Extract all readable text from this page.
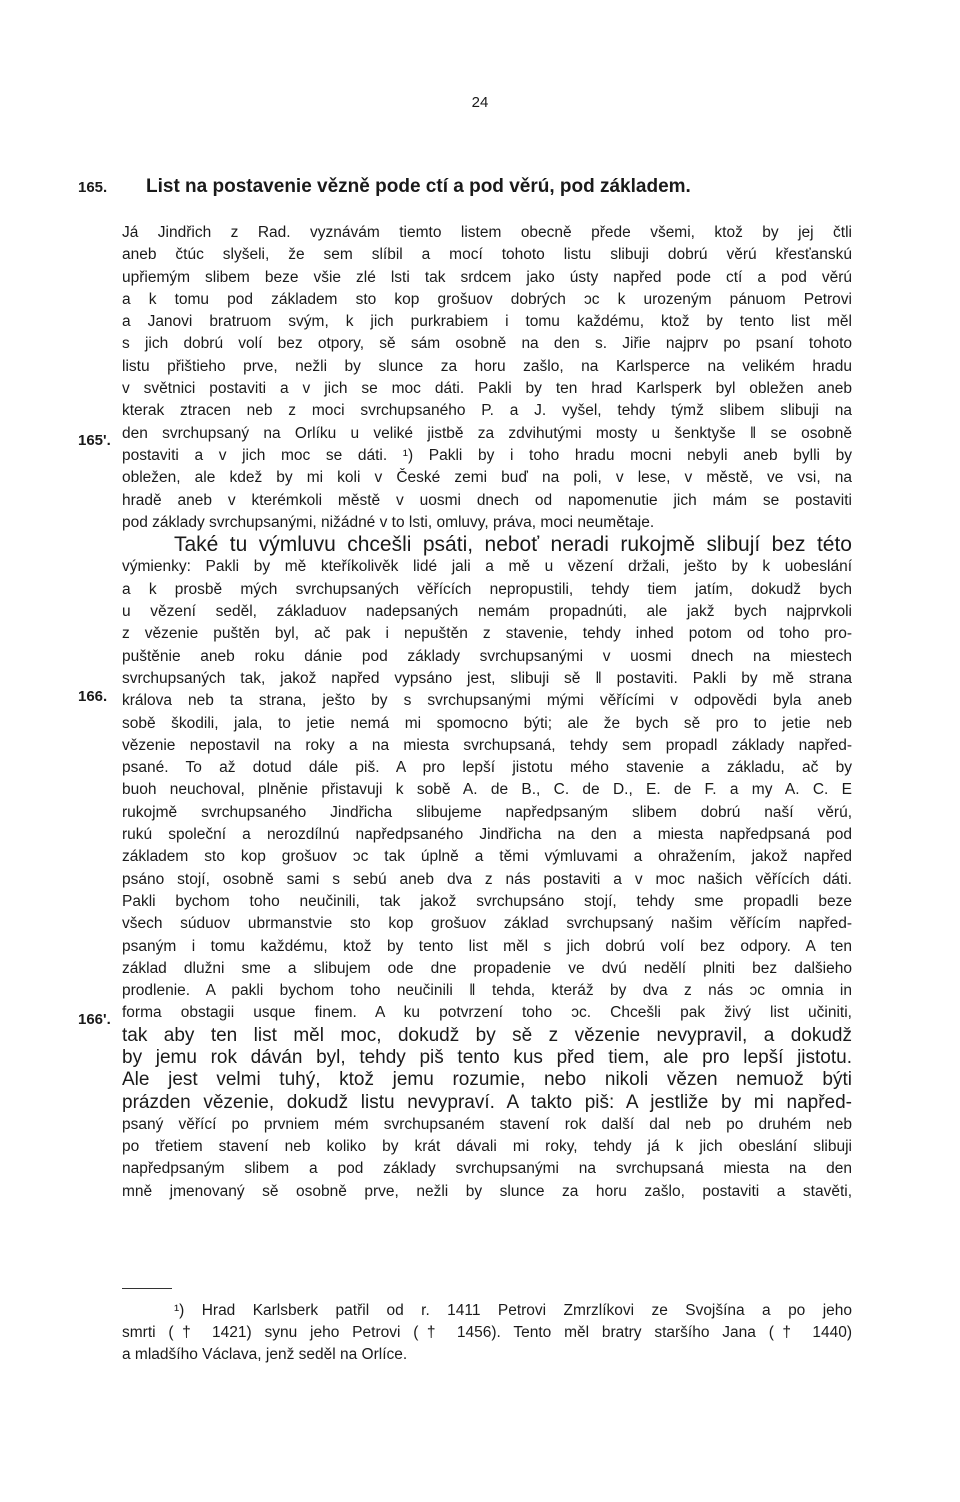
24
165. List na postavenie vězně pode ctí a pod věrú, pod základem.
165'.
166.
166'.
Já Jindřich z Rad. vyznávám tiemto listem obecně přede všemi, ktož by jej čtli
aneb čtúc slyšeli, že sem slíbil a mocí tohoto listu slibuji dobrú věrú křesťanskú
upřiemým slibem beze všie zlé lsti tak srdcem jako ústy napřed pode ctí a pod věrú
a k tomu pod základem sto kop grošuov dobrých ɔc k urozeným pánuom Petrovi
a Janovi bratruom svým, k jich purkrabiem i tomu každému, ktož by tento list měl
s jich dobrú volí bez otpory, sě sám osobně na den s. Jiřie najprv po psaní tohoto
listu přištieho prve, nežli by slunce za horu zašlo, na Karlsperce na velikém hradu
v světnici postaviti a v jich se moc dáti. Pakli by ten hrad Karlsperk byl obležen aneb
kterak ztracen neb z moci svrchupsaného P. a J. vyšel, tehdy týmž slibem slibuji na
den svrchupsaný na Orlíku u veliké jistbě za zdvihutými mosty u šenktyše ‖ se osobně
postaviti a v jich moc se dáti. ¹) Pakli by i toho hradu mocni nebyli aneb bylli by
obležen, ale kdež by mi koli v České zemi buď na poli, v lese, v městě, ve vsi, na
hradě aneb v kterémkoli městě v uosmi dnech od napomenutie jich mám se postaviti
pod základy svrchupsanými, nižádné v to lsti, omluvy, práva, moci neumětaje.
Také tu výmluvu chcešli psáti, neboť neradi rukojmě slibují bez této
výmienky: Pakli by mě kteříkolivěk lidé jali a mě u vězení držali, ješto by k uobeslání
a k prosbě mých svrchupsaných věřících nepropustili, tehdy tiem jatím, dokudž bych
u vězení seděl, základuov nadepsaných nemám propadnúti, ale jakž bych najprvkoli
z vězenie puštěn byl, ač pak i nepuštěn z stavenie, tehdy inhed potom od toho pro-
puštěnie aneb roku dánie pod základy svrchupsanými v uosmi dnech na miestech
svrchupsaných tak, jakož napřed vypsáno jest, slibuji sě ‖ postaviti. Pakli by mě strana
králova neb ta strana, ješto by s svrchupsanými mými věřícími v odpovědi byla aneb
sobě škodili, jala, to jetie nemá mi spomocno býti; ale že bych sě pro to jetie neb
vězenie nepostavil na roky a na miesta svrchupsaná, tehdy sem propadl základy napřed-
psané. To až dotud dále piš. A pro lepší jistotu mého stavenie a základu, ač by
buoh neuchoval, plněnie přistavuji k sobě A. de B., C. de D., E. de F. a my A. C. E
rukojmě svrchupsaného Jindřicha slibujeme napředpsaným slibem dobrú naší věrú,
rukú společní a nerozdílnú napředpsaného Jindřicha na den a miesta napředpsaná pod
základem sto kop grošuov ɔc tak úplně a těmi výmluvami a ohražením, jakož napřed
psáno stojí, osobně sami s sebú aneb dva z nás postaviti a v moc našich věřících dáti.
Pakli bychom toho neučinili, tak jakož svrchupsáno stojí, tehdy sme propadli beze
všech súduov ubrmanstvie sto kop grošuov základ svrchupsaný našim věřícím napřed-
psaným i tomu každému, ktož by tento list měl s jich dobrú volí bez odpory. A ten
základ dlužni sme a slibujem ode dne propadenie ve dvú nedělí plniti bez dalšieho
prodlenie. A pakli bychom toho neučinili ‖ tehda, kteráž by dva z nás ɔc omnia in
forma obstagii usque finem. A ku potvrzení toho ɔc. Chcešli pak živý list učiniti,
tak aby ten list měl moc, dokudž by sě z vězenie nevypravil, a dokudž
by jemu rok dáván byl, tehdy piš tento kus před tiem, ale pro lepší jistotu.
Ale jest velmi tuhý, ktož jemu rozumie, nebo nikoli vězen nemuož býti
prázden vězenie, dokudž listu nevypraví. A takto piš: A jestliže by mi napřed-
psaný věřící po prvniem mém svrchupsaném stavení rok další dal neb po druhém neb
po třetiem stavení neb koliko by krát dávali mi roky, tehdy já k jich obeslání slibuji
napředpsaným slibem a pod základy svrchupsanými na svrchupsaná miesta na den
mně jmenovaný sě osobně prve, nežli by slunce za horu zašlo, postaviti a stavěti,
¹) Hrad Karlsberk patřil od r. 1411 Petrovi Zmrzlíkovi ze Svojšína a po jeho
smrti († 1421) synu jeho Petrovi († 1456). Tento měl bratry staršího Jana († 1440)
a mladšího Václava, jenž seděl na Orlíce.
